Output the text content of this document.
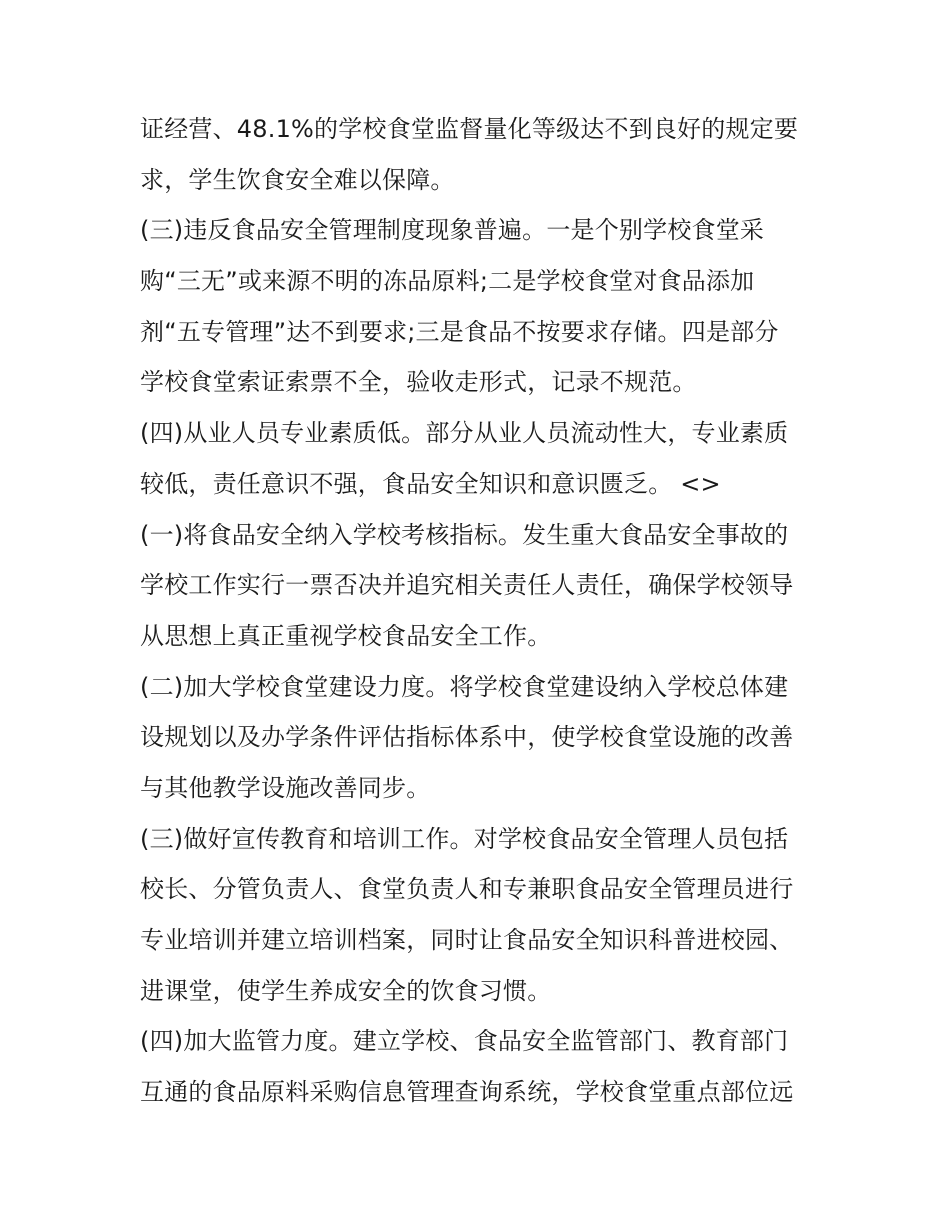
证经营、48.1%的学校食堂监督量化等级达不到良好的规定要
求，学生饮食安全难以保障。
(三)违反食品安全管理制度现象普遍。一是个别学校食堂采
购“三无”或来源不明的冻品原料;二是学校食堂对食品添加
剂“五专管理”达不到要求;三是食品不按要求存储。四是部分
学校食堂索证索票不全，验收走形式，记录不规范。
(四)从业人员专业素质低。部分从业人员流动性大，专业素质
较低，责任意识不强，食品安全知识和意识匮乏。 <>
(一)将食品安全纳入学校考核指标。发生重大食品安全事故的
学校工作实行一票否决并追究相关责任人责任，确保学校领导
从思想上真正重视学校食品安全工作。
(二)加大学校食堂建设力度。将学校食堂建设纳入学校总体建
设规划以及办学条件评估指标体系中，使学校食堂设施的改善
与其他教学设施改善同步。
(三)做好宣传教育和培训工作。对学校食品安全管理人员包括
校长、分管负责人、食堂负责人和专兼职食品安全管理员进行
专业培训并建立培训档案，同时让食品安全知识科普进校园、
进课堂，使学生养成安全的饮食习惯。
(四)加大监管力度。建立学校、食品安全监管部门、教育部门
互通的食品原料采购信息管理查询系统，学校食堂重点部位远
